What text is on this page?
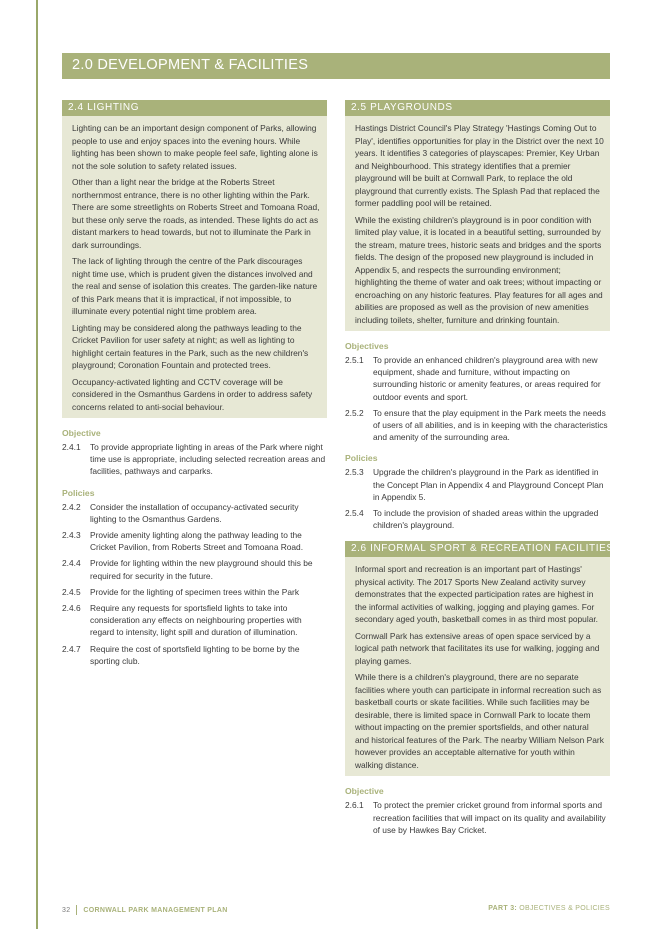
2.0 DEVELOPMENT & FACILITIES
2.4 LIGHTING

Lighting can be an important design component of Parks, allowing people to use and enjoy spaces into the evening hours. While lighting has been shown to make people feel safe, lighting alone is not the sole solution to safety related issues.

Other than a light near the bridge at the Roberts Street northernmost entrance, there is no other lighting within the Park. There are some streetlights on Roberts Street and Tomoana Road, but these only serve the roads, as intended. These lights do act as distant markers to head towards, but not to illuminate the Park in dark surroundings.

The lack of lighting through the centre of the Park discourages night time use, which is prudent given the distances involved and the real and sense of isolation this creates. The garden-like nature of this Park means that it is impractical, if not impossible, to illuminate every potential night time problem area.

Lighting may be considered along the pathways leading to the Cricket Pavilion for user safety at night; as well as lighting to highlight certain features in the Park, such as the new children's playground; Coronation Fountain and protected trees.

Occupancy-activated lighting and CCTV coverage will be considered in the Osmanthus Gardens in order to address safety concerns related to anti-social behaviour.

Objective
2.4.1	To provide appropriate lighting in areas of the Park where night time use is appropriate, including selected recreation areas and facilities, pathways and carparks.
Policies
2.4.2	Consider the installation of occupancy-activated security lighting to the Osmanthus Gardens.
2.4.3	Provide amenity lighting along the pathway leading to the Cricket Pavilion, from Roberts Street and Tomoana Road.
2.4.4	Provide for lighting within the new playground should this be required for security in the future.
2.4.5	Provide for the lighting of specimen trees within the Park
2.4.6	Require any requests for sportsfield lights to take into consideration any effects on neighbouring properties with regard to intensity, light spill and duration of illumination.
2.4.7	Require the cost of sportsfield lighting to be borne by the sporting club.
2.5 PLAYGROUNDS

Hastings District Council's Play Strategy 'Hastings Coming Out to Play', identifies opportunities for play in the District over the next 10 years. It identifies 3 categories of playscapes: Premier, Key Urban and Neighbourhood. This strategy identifies that a premier playground will be built at Cornwall Park, to replace the old playground that currently exists. The Splash Pad that replaced the former paddling pool will be retained.

While the existing children's playground is in poor condition with limited play value, it is located in a beautiful setting, surrounded by the stream, mature trees, historic seats and bridges and the sports fields. The design of the proposed new playground is included in Appendix 5, and respects the surrounding environment; highlighting the theme of water and oak trees; without impacting or encroaching on any historic features. Play features for all ages and abilities are proposed as well as the provision of new amenities including toilets, shelter, furniture and drinking fountain.

Objectives
2.5.1	To provide an enhanced children's playground area with new equipment, shade and furniture, without impacting on surrounding historic or amenity features, or areas required for outdoor events and sport.
2.5.2	To ensure that the play equipment in the Park meets the needs of users of all abilities, and is in keeping with the characteristics and amenity of the surrounding area.
Policies
2.5.3	Upgrade the children's playground in the Park as identified in the Concept Plan in Appendix 4 and Playground Concept Plan in Appendix 5.
2.5.4	To include the provision of shaded areas within the upgraded children's playground.
2.6 INFORMAL SPORT & RECREATION FACILITIES

Informal sport and recreation is an important part of Hastings' physical activity. The 2017 Sports New Zealand activity survey demonstrates that the expected participation rates are highest in the informal activities of walking, jogging and playing games. For secondary aged youth, basketball comes in as third most popular.

Cornwall Park has extensive areas of open space serviced by a logical path network that facilitates its use for walking, jogging and playing games.

While there is a children's playground, there are no separate facilities where youth can participate in informal recreation such as basketball courts or skate facilities. While such facilities may be desirable, there is limited space in Cornwall Park to locate them without impacting on the premier sportsfields, and other natural and historical features of the Park. The nearby William Nelson Park however provides an acceptable alternative for youth within walking distance.

Objective
2.6.1	To protect the premier cricket ground from informal sports and recreation facilities that will impact on its quality and availability of use by Hawkes Bay Cricket.
32 CORNWALL PARK MANAGEMENT PLAN	PART 3: OBJECTIVES & POLICIES
